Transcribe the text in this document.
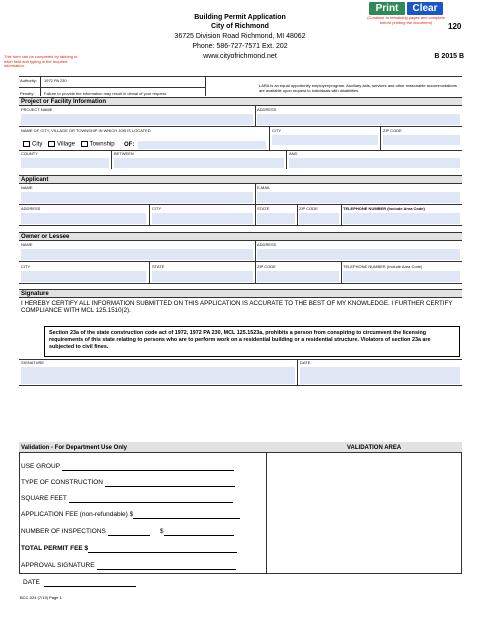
Building Permit Application
City of Richmond
36725 Division Road Richmond, MI 48062
Phone: 586-727-7571 Ext. 202
www.cityofrichmond.net
This form can be completed by tabbing to each field and typing in the required information.
Print	Clear
(Continue to remaining pages and complete before printing the document)	120
B 2015 B
Authority: 1972 PA 230
Penalty: Failure to provide the information may result in denial of your request.
LARA is an equal opportunity employer/program. Auxiliary aids, services and other reasonable accommodations are available upon request to individuals with disabilities.
Project or Facility Information
PROJECT NAME	ADDRESS
NAME OF CITY, VILLAGE OR TOWNSHIP IN WHICH JOB IS LOCATED	CITY	ZIP CODE
City Village Township OF:
COUNTY	BETWEEN	AND
Applicant
NAME	E-MAIL
ADDRESS	CITY	STATE	ZIP CODE	TELEPHONE NUMBER (Include Area Code)
Owner or Lessee
NAME	ADDRESS
CITY	STATE	ZIP CODE	TELEPHONE NUMBER (Include Area Code)
Signature
I HEREBY CERTIFY ALL INFORMATION SUBMITTED ON THIS APPLICATION IS ACCURATE TO THE BEST OF MY KNOWLEDGE. I FURTHER CERTIFY COMPLIANCE WITH MCL 125.1510(2).
Section 23a of the state construction code act of 1972, 1972 PA 230, MCL 125.1523a, prohibits a person from conspiring to circumvent the licensing requirements of this state relating to persons who are to perform work on a residential building or a residential structure. Violators of section 23a are subjected to civil fines.
SIGNATURE	DATE
Validation - For Department Use Only	VALIDATION AREA
USE GROUP
TYPE OF CONSTRUCTION
SQUARE FEET
APPLICATION FEE (non-refundable) $
NUMBER OF INSPECTIONS	$
TOTAL PERMIT FEE $
APPROVAL SIGNATURE
DATE
BCC-024 (7/19) Page 1
